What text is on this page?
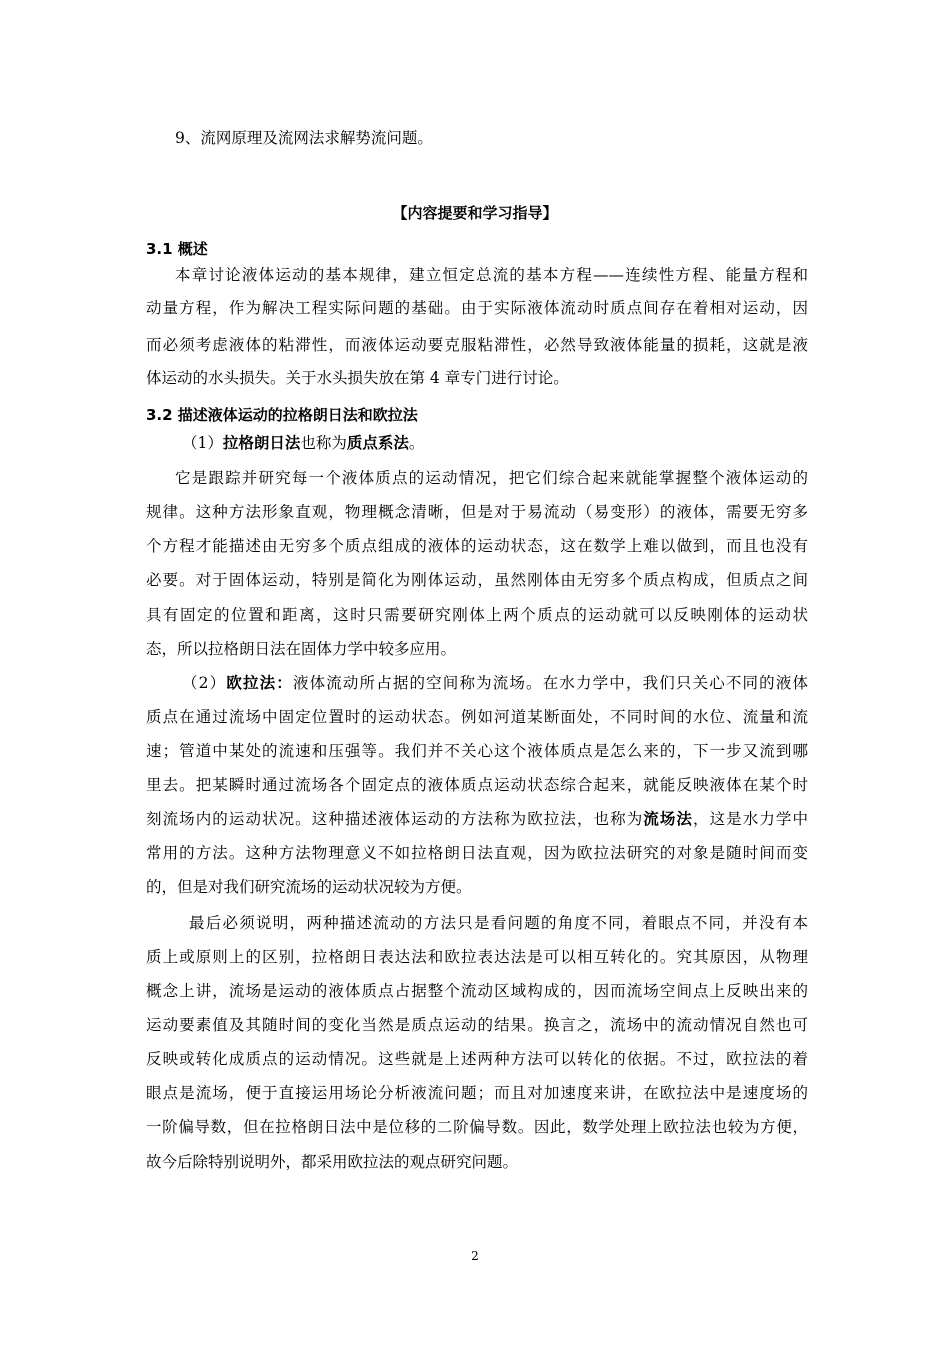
9、流网原理及流网法求解势流问题。
【内容提要和学习指导】
3.1 概述
本章讨论液体运动的基本规律，建立恒定总流的基本方程——连续性方程、能量方程和
动量方程，作为解决工程实际问题的基础。由于实际液体流动时质点间存在着相对运动，因
而必须考虑液体的粘滞性，而液体运动要克服粘滞性，必然导致液体能量的损耗，这就是液
体运动的水头损失。关于水头损失放在第 4 章专门进行讨论。
3.2 描述液体运动的拉格朗日法和欧拉法
（1）拉格朗日法也称为质点系法。
它是跟踪并研究每一个液体质点的运动情况，把它们综合起来就能掌握整个液体运动的
规律。这种方法形象直观，物理概念清晰，但是对于易流动（易变形）的液体，需要无穷多
个方程才能描述由无穷多个质点组成的液体的运动状态，这在数学上难以做到，而且也没有
必要。对于固体运动，特别是简化为刚体运动，虽然刚体由无穷多个质点构成，但质点之间
具有固定的位置和距离，这时只需要研究刚体上两个质点的运动就可以反映刚体的运动状
态，所以拉格朗日法在固体力学中较多应用。
（2）欧拉法：液体流动所占据的空间称为流场。在水力学中，我们只关心不同的液体
质点在通过流场中固定位置时的运动状态。例如河道某断面处，不同时间的水位、流量和流
速；管道中某处的流速和压强等。我们并不关心这个液体质点是怎么来的，下一步又流到哪
里去。把某瞬时通过流场各个固定点的液体质点运动状态综合起来，就能反映液体在某个时
刻流场内的运动状况。这种描述液体运动的方法称为欧拉法，也称为流场法，这是水力学中
常用的方法。这种方法物理意义不如拉格朗日法直观，因为欧拉法研究的对象是随时间而变
的，但是对我们研究流场的运动状况较为方便。
最后必须说明，两种描述流动的方法只是看问题的角度不同，着眼点不同，并没有本
质上或原则上的区别，拉格朗日表达法和欧拉表达法是可以相互转化的。究其原因，从物理
概念上讲，流场是运动的液体质点占据整个流动区域构成的，因而流场空间点上反映出来的
运动要素值及其随时间的变化当然是质点运动的结果。换言之，流场中的流动情况自然也可
反映或转化成质点的运动情况。这些就是上述两种方法可以转化的依据。不过，欧拉法的着
眼点是流场，便于直接运用场论分析液流问题；而且对加速度来讲，在欧拉法中是速度场的
一阶偏导数，但在拉格朗日法中是位移的二阶偏导数。因此，数学处理上欧拉法也较为方便，
故今后除特别说明外，都采用欧拉法的观点研究问题。
2
